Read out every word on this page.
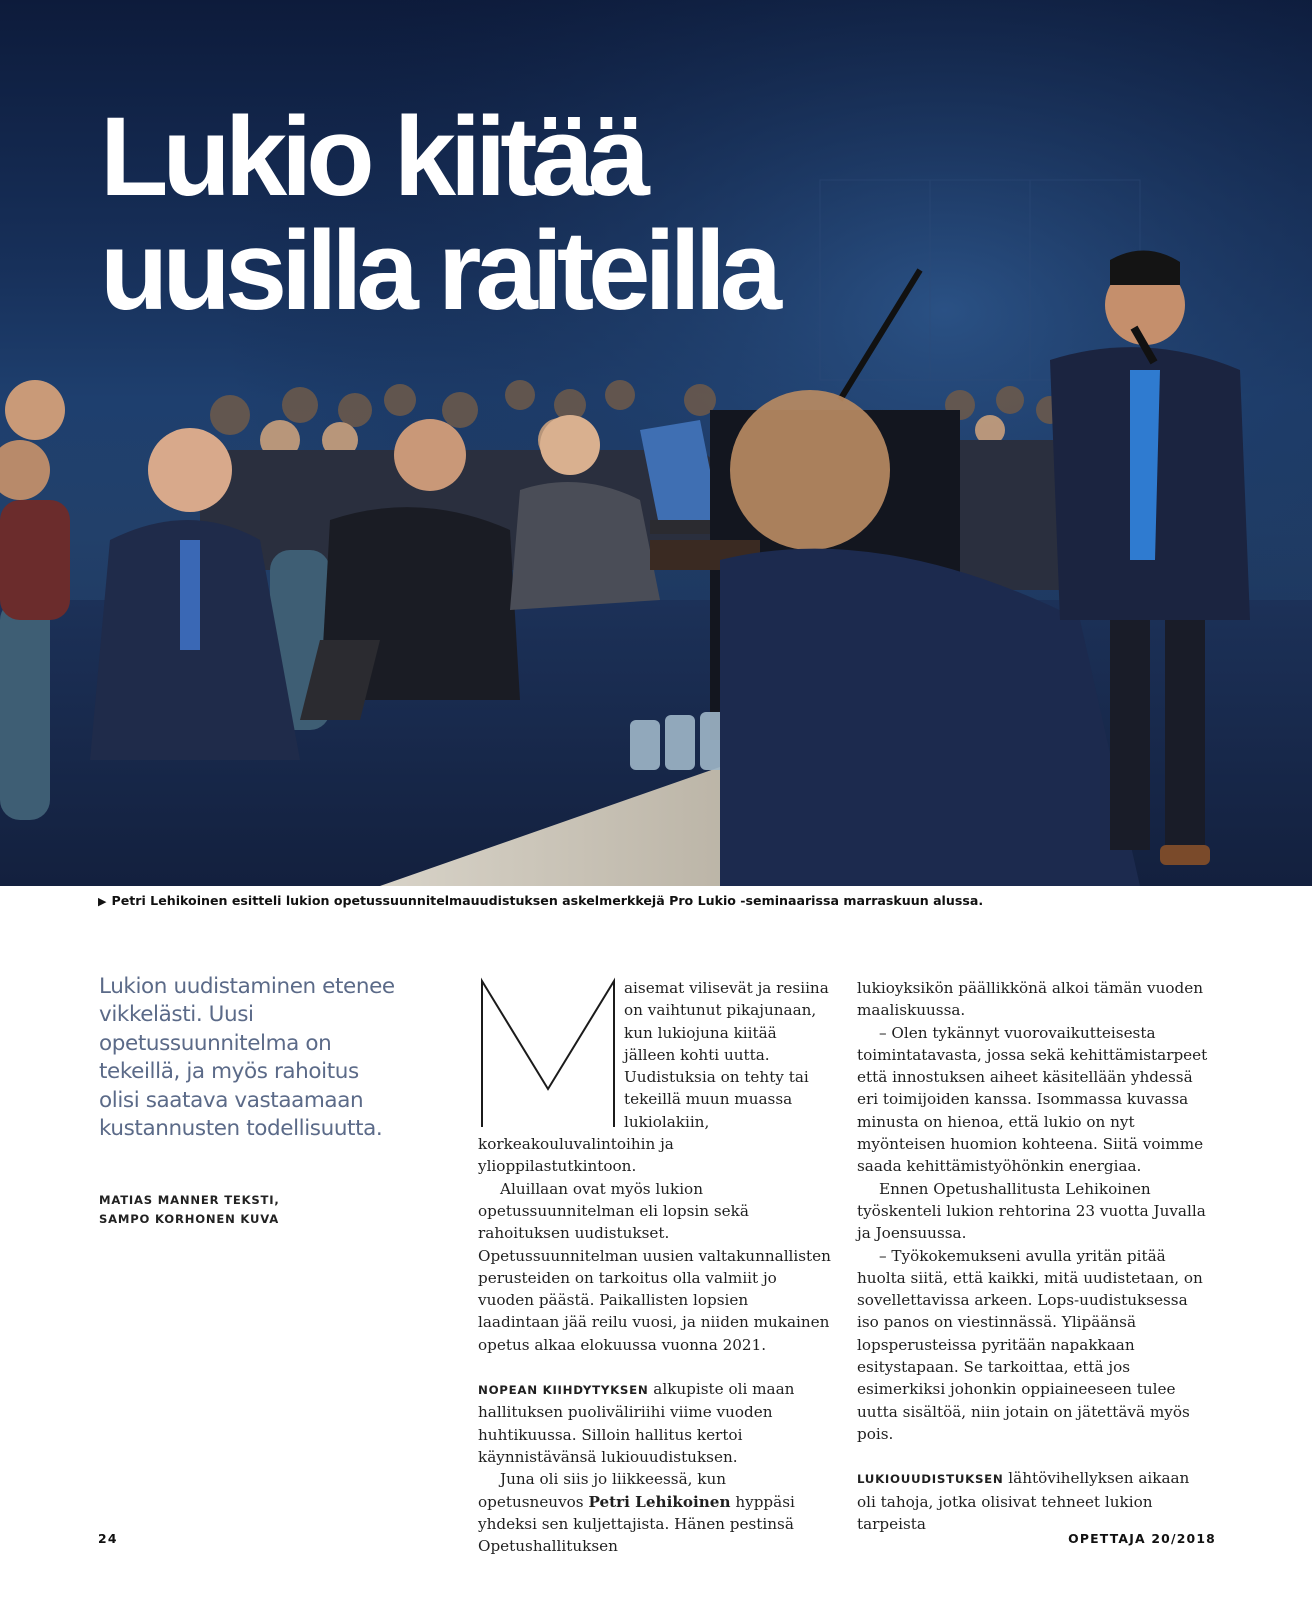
Lukio kiitää
uusilla raiteilla
▶ Petri Lehikoinen esitteli lukion opetussuunnitelmauudistuksen askelmerkkejä Pro Lukio -seminaarissa marraskuun alussa.
Lukion uudistaminen etenee vikkelästi. Uusi opetussuunnitelma on tekeillä, ja myös rahoitus olisi saatava vastaamaan kustannusten todellisuutta.
MATIAS MANNER TEKSTI,
SAMPO KORHONEN KUVA
M

aisemat vilisevät ja resiina on vaihtunut pikajunaan, kun lukiojuna kiitää jälleen kohti uutta. Uudistuksia on tehty tai tekeillä muun muassa lukiolakiin, korkeakouluvalintoihin ja ylioppilastutkintoon.

Aluillaan ovat myös lukion opetussuunnitelman eli lopsin sekä rahoituksen uudistukset. Opetussuunnitelman uusien valtakunnallisten perusteiden on tarkoitus olla valmiit jo vuoden päästä. Paikallisten lopsien laadintaan jää reilu vuosi, ja niiden mukainen opetus alkaa elokuussa vuonna 2021.

NOPEAN KIIHDYTYKSEN alkupiste oli maan hallituksen puoliväliriihi viime vuoden huhtikuussa. Silloin hallitus kertoi käynnistävänsä lukiouudistuksen.

Juna oli siis jo liikkeessä, kun opetusneuvos Petri Lehikoinen hyppäsi yhdeksi sen kuljettajista. Hänen pestinsä Opetushallituksen

lukioyksikön päällikkönä alkoi tämän vuoden maaliskuussa.

– Olen tykännyt vuorovaikutteisesta toimintatavasta, jossa sekä kehittämistarpeet että innostuksen aiheet käsitellään yhdessä eri toimijoiden kanssa. Isommassa kuvassa minusta on hienoa, että lukio on nyt myönteisen huomion kohteena. Siitä voimme saada kehittämistyöhönkin energiaa.

Ennen Opetushallitusta Lehikoinen työskenteli lukion rehtorina 23 vuotta Juvalla ja Joensuussa.

– Työkokemukseni avulla yritän pitää huolta siitä, että kaikki, mitä uudistetaan, on sovellettavissa arkeen. Lops-uudistuksessa iso panos on viestinnässä. Ylipäänsä lopsperusteissa pyritään napakkaan esitystapaan. Se tarkoittaa, että jos esimerkiksi johonkin oppiaineeseen tulee uutta sisältöä, niin jotain on jätettävä myös pois.

LUKIOUUDISTUKSEN lähtövihellyksen aikaan oli tahoja, jotka olisivat tehneet lukion tarpeista

24	OPETTAJA 20/2018
